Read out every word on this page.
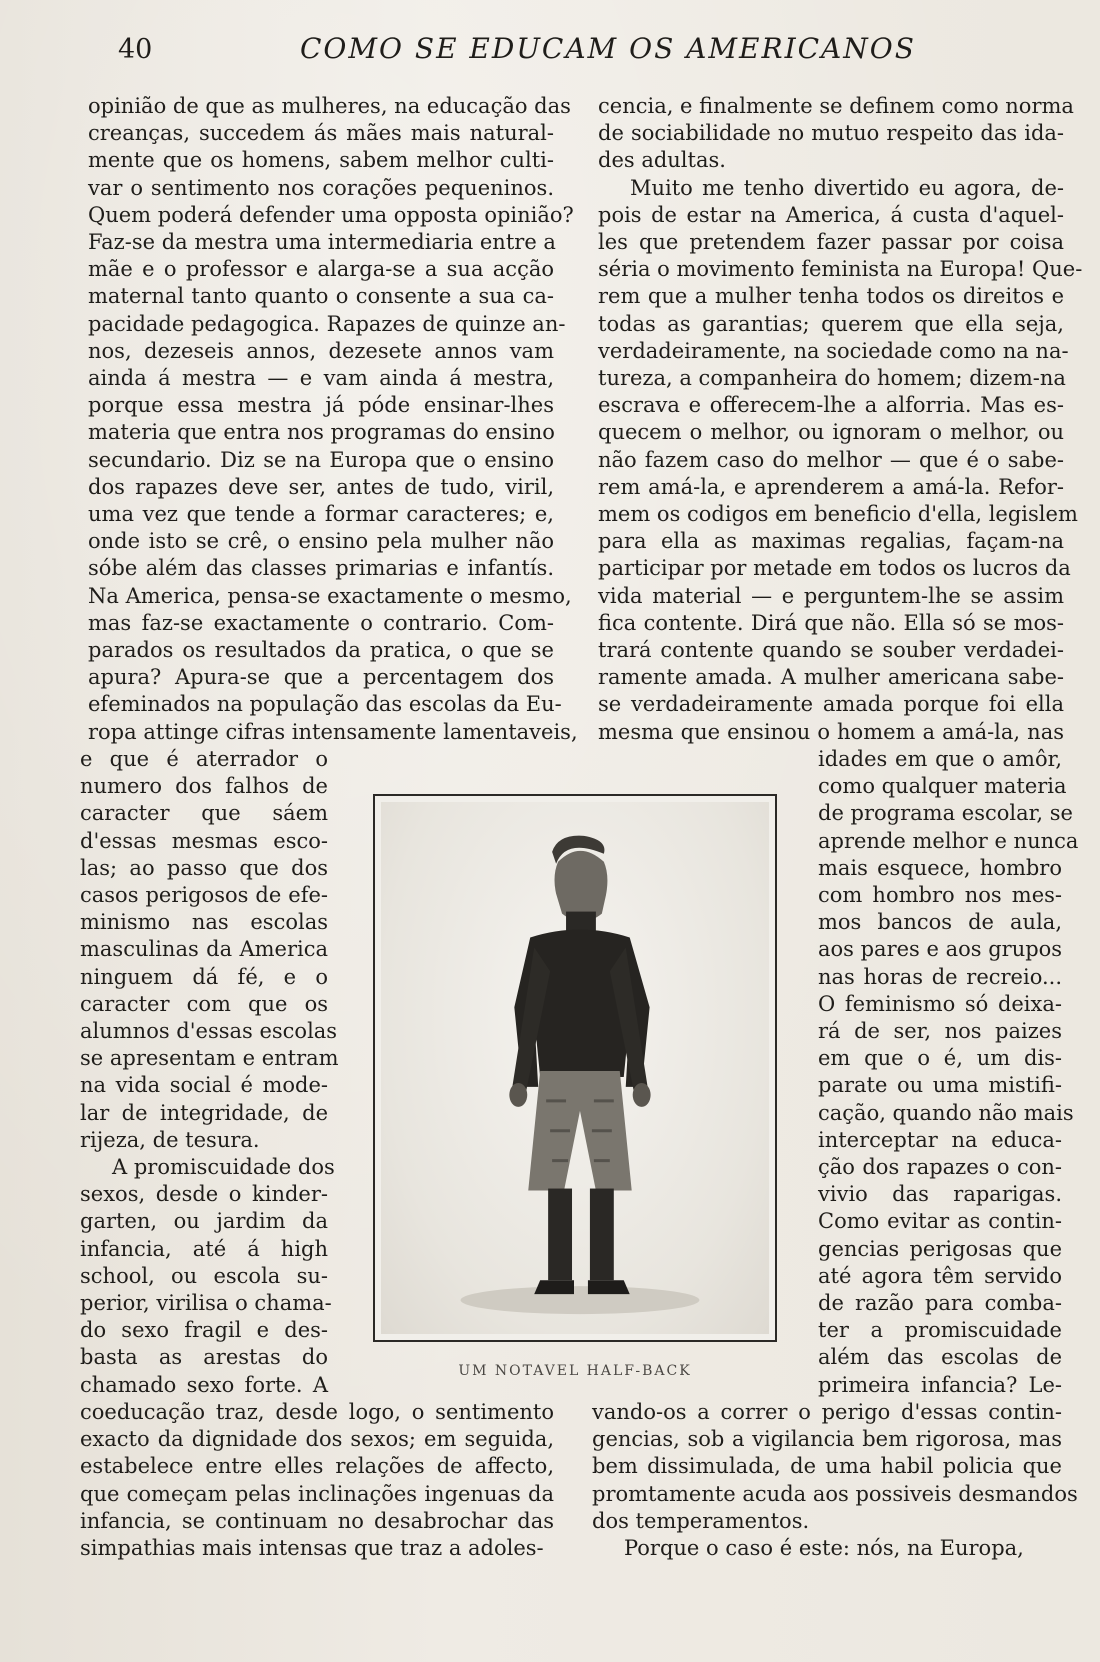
40	COMO SE EDUCAM OS AMERICANOS
opinião de que as mulheres, na educação das
creanças, succedem ás mães mais natural-
mente que os homens, sabem melhor culti-
var o sentimento nos corações pequeninos.
Quem poderá defender uma opposta opinião?
Faz-se da mestra uma intermediaria entre a
mãe e o professor e alarga-se a sua acção
maternal tanto quanto o consente a sua ca-
pacidade pedagogica. Rapazes de quinze an-
nos, dezeseis annos, dezesete annos vam
ainda á mestra — e vam ainda á mestra,
porque essa mestra já póde ensinar-lhes
materia que entra nos programas do ensino
secundario. Diz se na Europa que o ensino
dos rapazes deve ser, antes de tudo, viril,
uma vez que tende a formar caracteres; e,
onde isto se crê, o ensino pela mulher não
sóbe além das classes primarias e infantís.
Na America, pensa-se exactamente o mesmo,
mas faz-se exactamente o contrario. Com-
parados os resultados da pratica, o que se
apura? Apura-se que a percentagem dos
efeminados na população das escolas da Eu-
ropa attinge cifras intensamente lamentaveis,
e que é aterrador o
numero dos falhos de
caracter que sáem
d'essas mesmas esco-
las; ao passo que dos
casos perigosos de efe-
minismo nas escolas
masculinas da America
ninguem dá fé, e o
caracter com que os
alumnos d'essas escolas
se apresentam e entram
na vida social é mode-
lar de integridade, de
rijeza, de tesura.
A promiscuidade dos
sexos, desde o kinder-
garten, ou jardim da
infancia, até á high
school, ou escola su-
perior, virilisa o chama-
do sexo fragil e des-
basta as arestas do
chamado sexo forte. A
coeducação traz, desde logo, o sentimento
exacto da dignidade dos sexos; em seguida,
estabelece entre elles relações de affecto,
que começam pelas inclinações ingenuas da
infancia, se continuam no desabrochar das
simpathias mais intensas que traz a adoles-
cencia, e finalmente se definem como norma
de sociabilidade no mutuo respeito das ida-
des adultas.
Muito me tenho divertido eu agora, de-
pois de estar na America, á custa d'aquel-
les que pretendem fazer passar por coisa
séria o movimento feminista na Europa! Que-
rem que a mulher tenha todos os direitos e
todas as garantias; querem que ella seja,
verdadeiramente, na sociedade como na na-
tureza, a companheira do homem; dizem-na
escrava e offerecem-lhe a alforria. Mas es-
quecem o melhor, ou ignoram o melhor, ou
não fazem caso do melhor — que é o sabe-
rem amá-la, e aprenderem a amá-la. Refor-
mem os codigos em beneficio d'ella, legislem
para ella as maximas regalias, façam-na
participar por metade em todos os lucros da
vida material — e perguntem-lhe se assim
fica contente. Dirá que não. Ella só se mos-
trará contente quando se souber verdadei-
ramente amada. A mulher americana sabe-
se verdadeiramente amada porque foi ella
mesma que ensinou o homem a amá-la, nas
idades em que o amôr,
como qualquer materia
de programa escolar, se
aprende melhor e nunca
mais esquece, hombro
com hombro nos mes-
mos bancos de aula,
aos pares e aos grupos
nas horas de recreio...
O feminismo só deixa-
rá de ser, nos paizes
em que o é, um dis-
parate ou uma mistifi-
cação, quando não mais
interceptar na educa-
ção dos rapazes o con-
vivio das raparigas.
Como evitar as contin-
gencias perigosas que
até agora têm servido
de razão para comba-
ter a promiscuidade
além das escolas de
primeira infancia? Le-
vando-os a correr o perigo d'essas contin-
gencias, sob a vigilancia bem rigorosa, mas
bem dissimulada, de uma habil policia que
promtamente acuda aos possiveis desmandos
dos temperamentos.
Porque o caso é este: nós, na Europa,
UM NOTAVEL HALF-BACK
